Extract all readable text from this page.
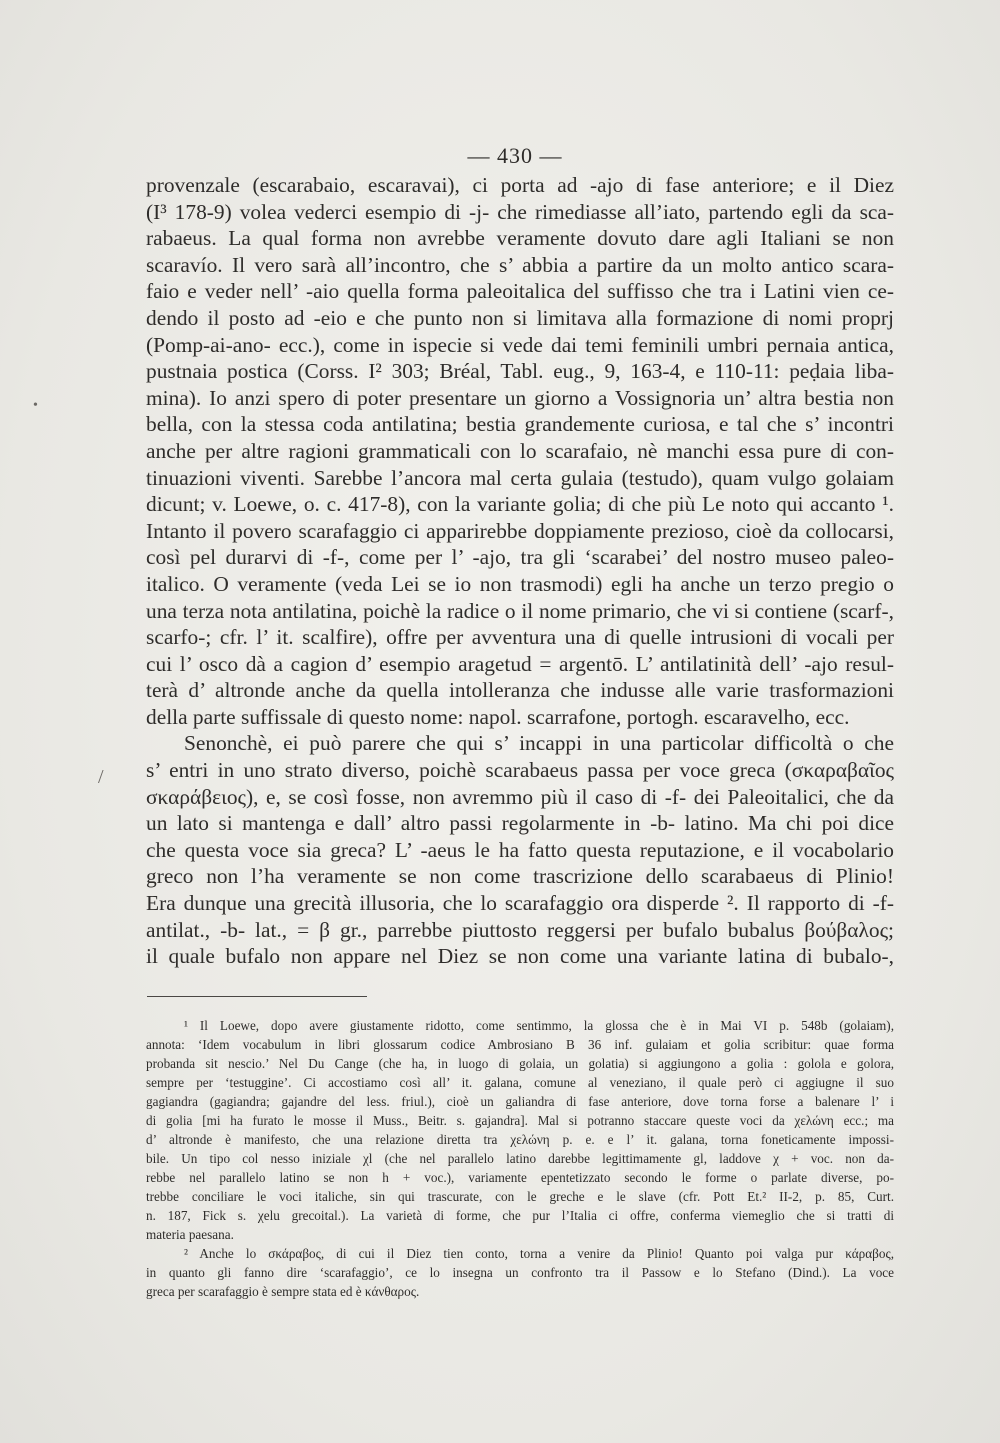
— 430 —
•
/
provenzale (escarabaio, escaravai), ci porta ad -ajo di fase anteriore; e il Diez
(I³ 178-9) volea vederci esempio di -j- che rimediasse all’iato, partendo egli da sca-
rabaeus. La qual forma non avrebbe veramente dovuto dare agli Italiani se non
scaravío. Il vero sarà all’incontro, che s’ abbia a partire da un molto antico scara-
faio e veder nell’ -aio quella forma paleoitalica del suffisso che tra i Latini vien ce-
dendo il posto ad -eio e che punto non si limitava alla formazione di nomi proprj
(Pomp-ai-ano- ecc.), come in ispecie si vede dai temi feminili umbri pernaia antica,
pustnaia postica (Corss. I² 303; Bréal, Tabl. eug., 9, 163-4, e 110-11: peḍaia liba-
mina). Io anzi spero di poter presentare un giorno a Vossignoria un’ altra bestia non
bella, con la stessa coda antilatina; bestia grandemente curiosa, e tal che s’ incontri
anche per altre ragioni grammaticali con lo scarafaio, nè manchi essa pure di con-
tinuazioni viventi. Sarebbe l’ancora mal certa gulaia (testudo), quam vulgo golaiam
dicunt; v. Loewe, o. c. 417-8), con la variante golia; di che più Le noto qui accanto ¹.
Intanto il povero scarafaggio ci apparirebbe doppiamente prezioso, cioè da collocarsi,
così pel durarvi di -f-, come per l’ -ajo, tra gli ‘scarabei’ del nostro museo paleo-
italico. O veramente (veda Lei se io non trasmodi) egli ha anche un terzo pregio o
una terza nota antilatina, poichè la radice o il nome primario, che vi si contiene (scarf-,
scarfo-; cfr. l’ it. scalfire), offre per avventura una di quelle intrusioni di vocali per
cui l’ osco dà a cagion d’ esempio aragetud = argentō. L’ antilatinità dell’ -ajo resul-
terà d’ altronde anche da quella intolleranza che indusse alle varie trasformazioni
della parte suffissale di questo nome: napol. scarrafone, portogh. escaravelho, ecc.
Senonchè, ei può parere che qui s’ incappi in una particolar difficoltà o che
s’ entri in uno strato diverso, poichè scarabaeus passa per voce greca (σκαραβαῖος
σκαράβειος), e, se così fosse, non avremmo più il caso di -f- dei Paleoitalici, che da
un lato si mantenga e dall’ altro passi regolarmente in -b- latino. Ma chi poi dice
che questa voce sia greca? L’ -aeus le ha fatto questa reputazione, e il vocabolario
greco non l’ha veramente se non come trascrizione dello scarabaeus di Plinio!
Era dunque una grecità illusoria, che lo scarafaggio ora disperde ². Il rapporto di -f-
antilat., -b- lat., = β gr., parrebbe piuttosto reggersi per bufalo bubalus βούβαλος;
il quale bufalo non appare nel Diez se non come una variante latina di bubalo-,
¹ Il Loewe, dopo avere giustamente ridotto, come sentimmo, la glossa che è in Mai VI p. 548b (golaiam),
annota: ‘Idem vocabulum in libri glossarum codice Ambrosiano B 36 inf. gulaiam et golia scribitur: quae forma
probanda sit nescio.’ Nel Du Cange (che ha, in luogo di golaia, un golatia) si aggiungono a golia : golola e golora,
sempre per ‘testuggine’. Ci accostiamo così all’ it. galana, comune al veneziano, il quale però ci aggiugne il suo
gagiandra (gagiandra; gajandre del less. friul.), cioè un galiandra di fase anteriore, dove torna forse a balenare l’ i
di golia [mi ha furato le mosse il Muss., Beitr. s. gajandra]. Mal si potranno staccare queste voci da χελώνη ecc.; ma
d’ altronde è manifesto, che una relazione diretta tra χελώνη p. e. e l’ it. galana, torna foneticamente impossi-
bile. Un tipo col nesso iniziale χl (che nel parallelo latino darebbe legittimamente gl, laddove χ + voc. non da-
rebbe nel parallelo latino se non h + voc.), variamente epentetizzato secondo le forme o parlate diverse, po-
trebbe conciliare le voci italiche, sin qui trascurate, con le greche e le slave (cfr. Pott Et.² II-2, p. 85, Curt.
n. 187, Fick s. χelu grecoital.). La varietà di forme, che pur l’Italia ci offre, conferma viemeglio che si tratti di
materia paesana.
² Anche lo σκάραβος, di cui il Diez tien conto, torna a venire da Plinio! Quanto poi valga pur κάραβος,
in quanto gli fanno dire ‘scarafaggio’, ce lo insegna un confronto tra il Passow e lo Stefano (Dind.). La voce
greca per scarafaggio è sempre stata ed è κάνθαρος.
